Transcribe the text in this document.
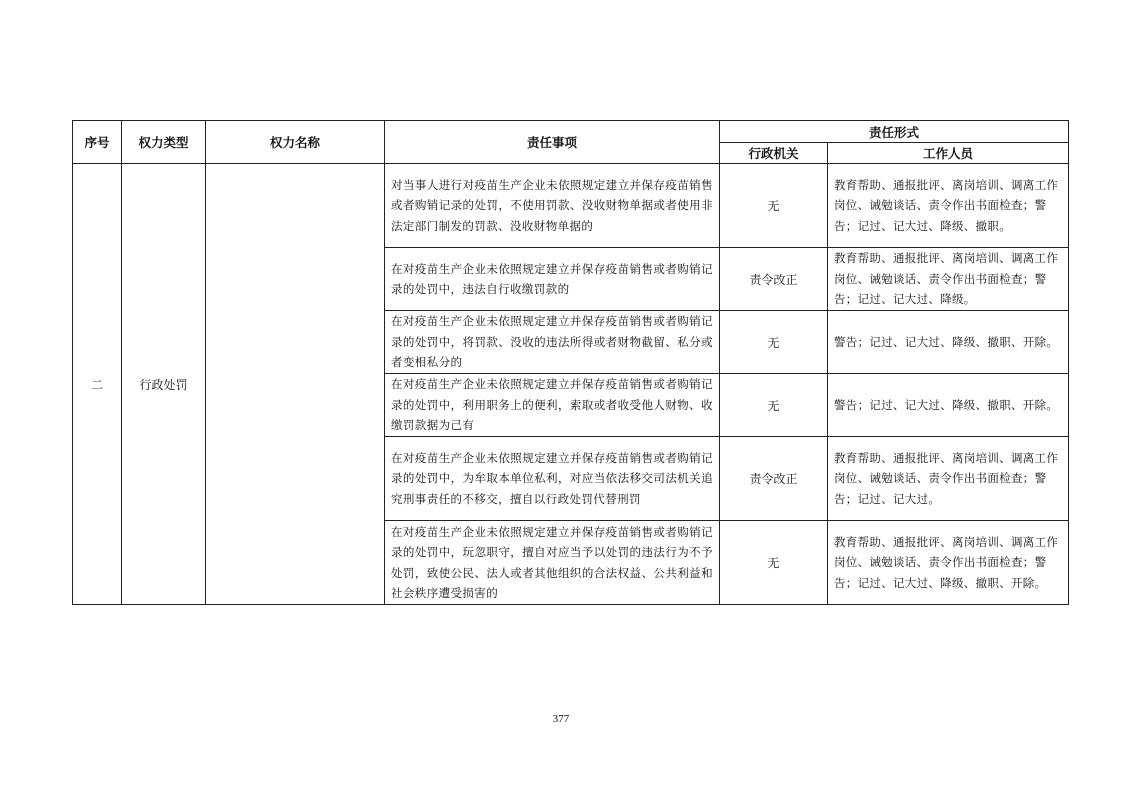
序号	权力类型	权力名称	责任事项	责任形式	
				行政机关	工作人员
二	行政处罚		对当事人进行对疫苗生产企业未依照规定建立并保存疫苗销售或者购销记录的处罚，不使用罚款、没收财物单据或者使用非法定部门制发的罚款、没收财物单据的	无	教育帮助、通报批评、离岗培训、调离工作岗位、诫勉谈话、责令作出书面检查；警告；记过、记大过、降级、撤职。
			在对疫苗生产企业未依照规定建立并保存疫苗销售或者购销记录的处罚中，违法自行收缴罚款的	责令改正	教育帮助、通报批评、离岗培训、调离工作岗位、诫勉谈话、责令作出书面检查；警告；记过、记大过、降级。
			在对疫苗生产企业未依照规定建立并保存疫苗销售或者购销记录的处罚中，将罚款、没收的违法所得或者财物截留、私分或者变相私分的	无	警告；记过、记大过、降级、撤职、开除。
			在对疫苗生产企业未依照规定建立并保存疫苗销售或者购销记录的处罚中，利用职务上的便利，索取或者收受他人财物、收缴罚款据为己有	无	警告；记过、记大过、降级、撤职、开除。
			在对疫苗生产企业未依照规定建立并保存疫苗销售或者购销记录的处罚中，为牟取本单位私利，对应当依法移交司法机关追究刑事责任的不移交，擅自以行政处罚代替刑罚	责令改正	教育帮助、通报批评、离岗培训、调离工作岗位、诫勉谈话、责令作出书面检查；警告；记过、记大过。
			在对疫苗生产企业未依照规定建立并保存疫苗销售或者购销记录的处罚中，玩忽职守，擅自对应当予以处罚的违法行为不予处罚，致使公民、法人或者其他组织的合法权益、公共利益和社会秩序遭受损害的	无	教育帮助、通报批评、离岗培训、调离工作岗位、诫勉谈话、责令作出书面检查；警告；记过、记大过、降级、撤职、开除。
377
